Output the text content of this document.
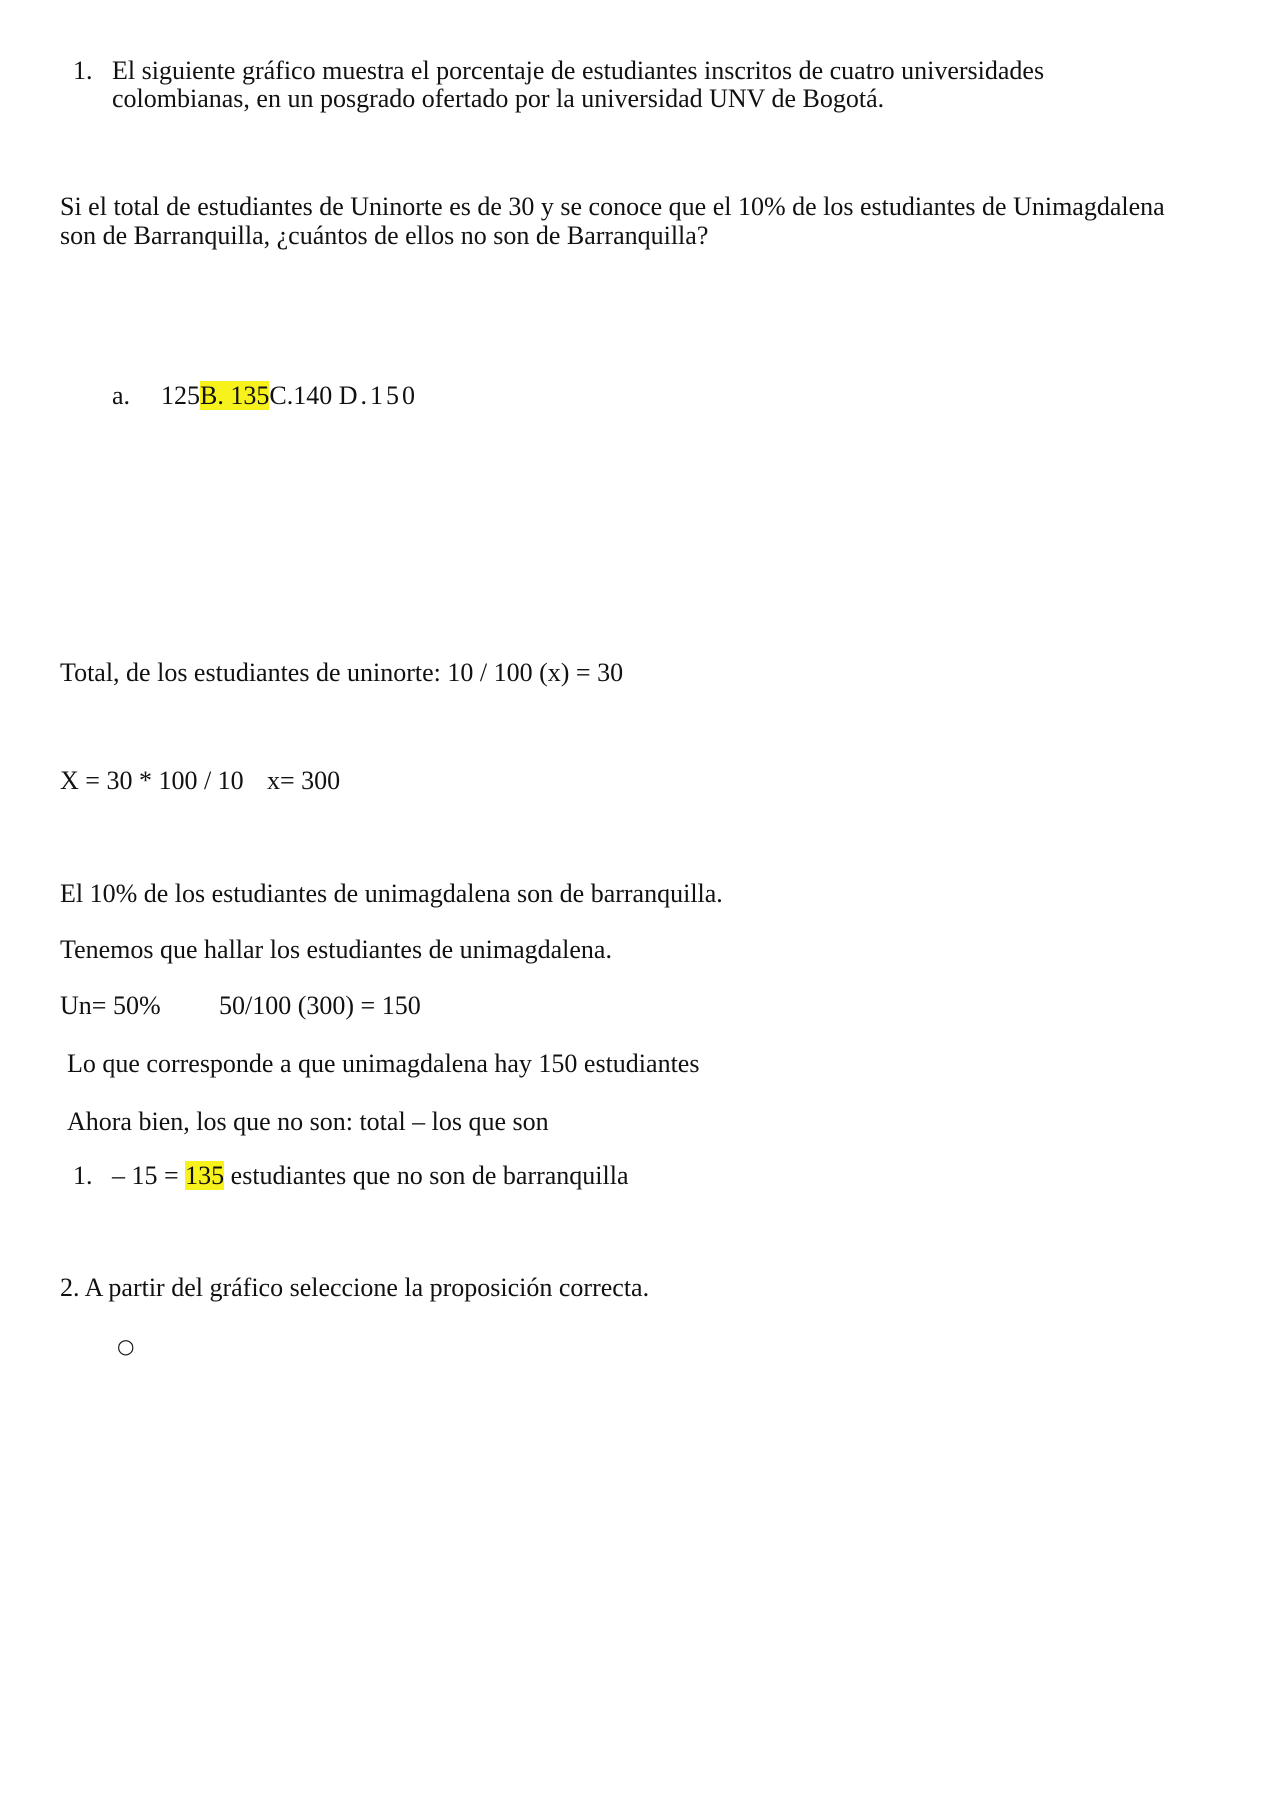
1. El siguiente gráfico muestra el porcentaje de estudiantes inscritos de cuatro universidades
colombianas, en un posgrado ofertado por la universidad UNV de Bogotá.
Si el total de estudiantes de Uninorte es de 30 y se conoce que el 10% de los estudiantes de Unimagdalena
son de Barranquilla, ¿cuántos de ellos no son de Barranquilla?
a. 125B. 135C.140 D.150
Total, de los estudiantes de uninorte: 10 / 100 (x) = 30
X = 30 * 100 / 10 x= 300
El 10% de los estudiantes de unimagdalena son de barranquilla.
Tenemos que hallar los estudiantes de unimagdalena.
Un= 50% 50/100 (300) = 150
Lo que corresponde a que unimagdalena hay 150 estudiantes
Ahora bien, los que no son: total – los que son
1. – 15 = 135 estudiantes que no son de barranquilla
2. A partir del gráfico seleccione la proposición correcta.
○
